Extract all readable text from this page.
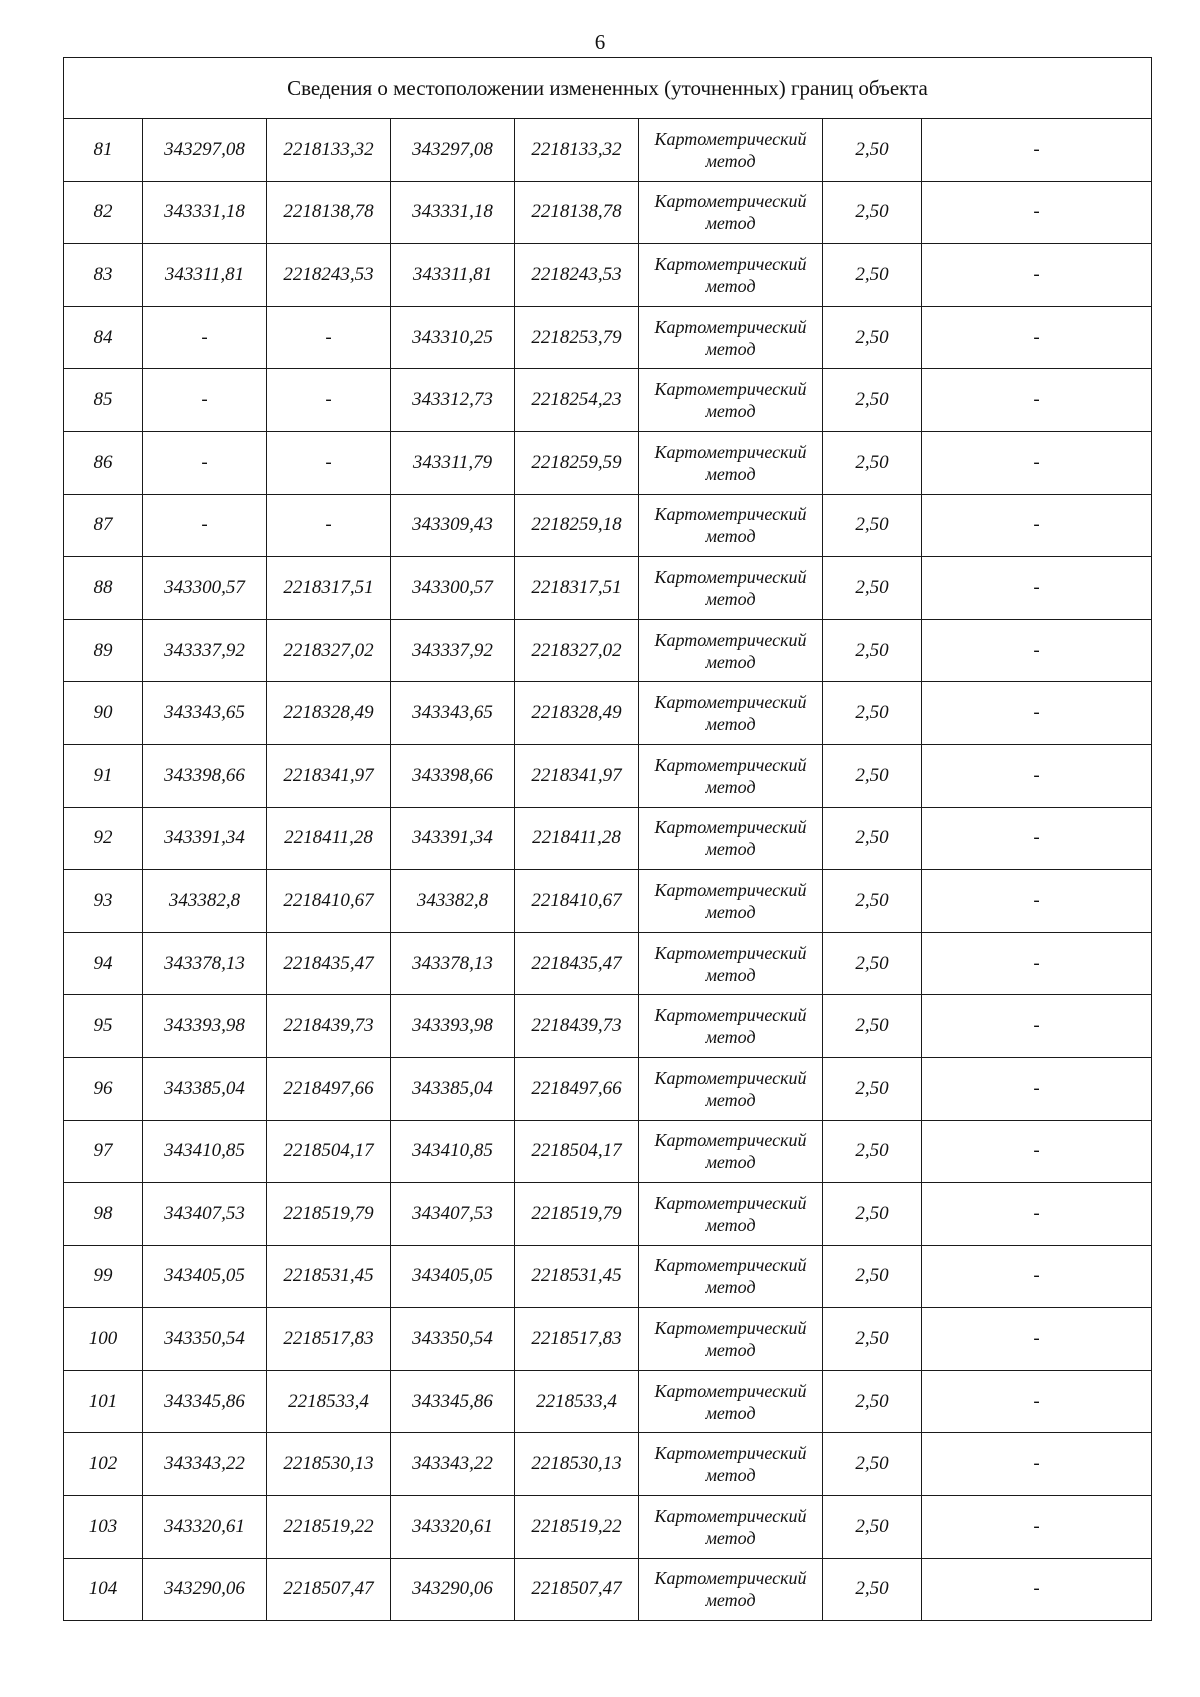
6
Сведения о местоположении измененных (уточненных) границ объекта							
81	343297,08	2218133,32	343297,08	2218133,32	Картометрический метод	2,50	-
82	343331,18	2218138,78	343331,18	2218138,78	Картометрический метод	2,50	-
83	343311,81	2218243,53	343311,81	2218243,53	Картометрический метод	2,50	-
84	-	-	343310,25	2218253,79	Картометрический метод	2,50	-
85	-	-	343312,73	2218254,23	Картометрический метод	2,50	-
86	-	-	343311,79	2218259,59	Картометрический метод	2,50	-
87	-	-	343309,43	2218259,18	Картометрический метод	2,50	-
88	343300,57	2218317,51	343300,57	2218317,51	Картометрический метод	2,50	-
89	343337,92	2218327,02	343337,92	2218327,02	Картометрический метод	2,50	-
90	343343,65	2218328,49	343343,65	2218328,49	Картометрический метод	2,50	-
91	343398,66	2218341,97	343398,66	2218341,97	Картометрический метод	2,50	-
92	343391,34	2218411,28	343391,34	2218411,28	Картометрический метод	2,50	-
93	343382,8	2218410,67	343382,8	2218410,67	Картометрический метод	2,50	-
94	343378,13	2218435,47	343378,13	2218435,47	Картометрический метод	2,50	-
95	343393,98	2218439,73	343393,98	2218439,73	Картометрический метод	2,50	-
96	343385,04	2218497,66	343385,04	2218497,66	Картометрический метод	2,50	-
97	343410,85	2218504,17	343410,85	2218504,17	Картометрический метод	2,50	-
98	343407,53	2218519,79	343407,53	2218519,79	Картометрический метод	2,50	-
99	343405,05	2218531,45	343405,05	2218531,45	Картометрический метод	2,50	-
100	343350,54	2218517,83	343350,54	2218517,83	Картометрический метод	2,50	-
101	343345,86	2218533,4	343345,86	2218533,4	Картометрический метод	2,50	-
102	343343,22	2218530,13	343343,22	2218530,13	Картометрический метод	2,50	-
103	343320,61	2218519,22	343320,61	2218519,22	Картометрический метод	2,50	-
104	343290,06	2218507,47	343290,06	2218507,47	Картометрический метод	2,50	-
